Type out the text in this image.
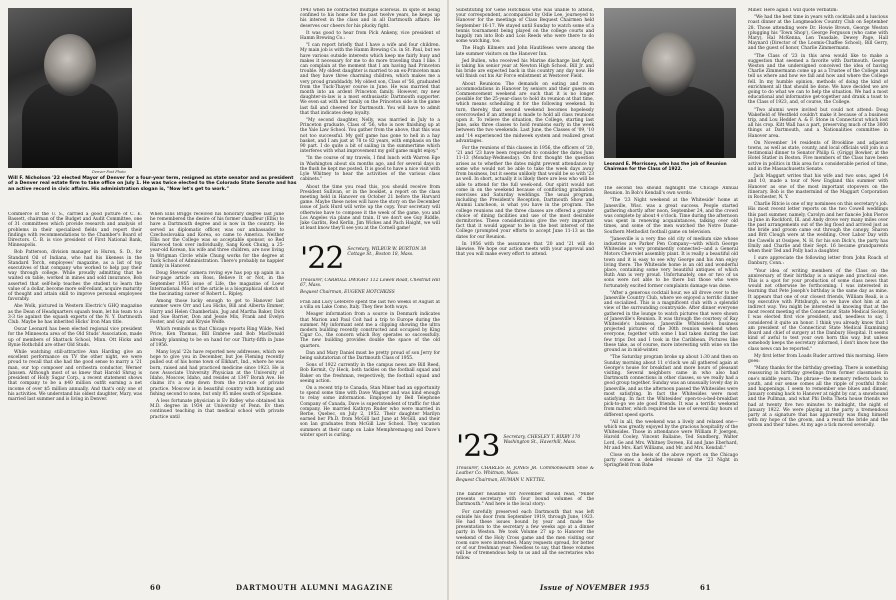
Denver Post Photo
Will F. Nicholson '22 elected Mayor of Denver for a four-year term, resigned as state senator and as president of a Denver real estate firm to take office on July 1. He was twice elected to the Colorado State Senate and has an active record in civic affairs. His administration slogan is, "Now let's get to work."

Commerce of the U. S., carried a good picture of C. E. Bassett, chairman of the Budget and Audit Committee, one of 31 committees which provide research and analysis of problems in their specialized fields and report their findings with recommendations to the Chamber's Board of Directors. C. B. is vice president of First National Bank, Minneapolis.

Bob Patterson, division manager in Huron, S. D., for Standard Oil of Indiana, who had his likeness in the Standard Torch, employees' magazine, as a list of top executives of that company who worked to help pay their way through college. While proudly admitting that he waited on table, worked in mines and sold insurance, Bob asserted that self-help teaches the student to learn the value of a dollar, become more self-reliant, acquire maturity of thought and attain skill to improve personal employees favorably.

Abe Wolk, pictured in Western Electric's GHQ magazine as the Dean of Headquarters squash team, let his team to a 3-3 tie against the squash experts of the N. Y. Dartmouth Club. Maybe he has inherited Hicks' Iron Man title.

Oscar Leonard has been elected regional vice president for the Minnesota area of the Old Studs' Association, made up of members of Shattuck School, Minn. Ott Hicks and Rynie Rothchild are other Old Studs.

While watching still-attractive Ann Harding give an excellent performance on TV the other night, we were proud to recall that she had the good sense to marry a '21 man, our top composer and orchestra conductor, Werner Janssen. Although most of us knew that Harold Shrug is president of Holly Sugar Corp., a recent statement shows that company to be a $40 million outfit earning a net income of over $5 million annually. And that's only one of his activities. We understand his oldest daughter, Mary, was married last summer and is living in Denver.

When Ellis Briggs received his honorary degree last June he remembered the desire of his former chauffeur (Ellis) to have a Dartmouth degree and is now in the country. He served as diplomatic officer, was our ambassador to Czechoslovakia and Korea, so came to America. Neither Ellis nor the College was so acceptable sponsor, so Red Harwood took over individually, Sang Kook Chung, a 25-year-old Korean, his wife and three children, are now living in Wrigman Circle while Chung works for the degree at Tuck School of Administration. There's probably no happier family in Hanover.

Doug Stevens' camera roving eye has pop up again in a four-page article on Ross, Believe It or Not, in the September 1955 issue of Life, the magazine of Loew International. Most of the article is a biographical sketch of the fascinating career of Robert L. Ripley.

Among those lucky enough to get to Hanover last summer were Orr and Lou Hicks, Bill and Alberta Emmer, Harry and Helen Chamberlain, Jug and Martha Baker, Dick and Sue Barrier, Don and Jessie Mix, Frank and Evelyn Foster, and Guy and Krysie Wolfe.

Which reminds us that Chicago reports Ring Wilde, Ned Price, Ken Thomas, Bill Embree and Bob MacDonald already planning to be on hand for our Thirty-fifth in June of 1956.

Many loyal '22s have reported new addresses, which we hope to give you in December, but Joe Fleming recently pulled out of his home town of Elkhart, Ind., where he was born, raised and had practiced medicine since 1923. He is now Associate University Physician at the University of Idaho, Moscow, Idaho, and resides at 1347 Borah Ave. He claims it's a step down from the rat-race of private practice. Moscow is in beautiful country with hunting and fishing second to none, but only 85 miles south of Spokane.

A less fortunate physician is Ev Ridley who obtained his M.D. degree in 1934 at University of Penn. Ev then continued teaching in that medical school with private practice until

1943 when he contracted multiple sclerosis. In spite of being confined to his home for the past twelve years, he keeps up his interest in the class and in all Dartmouth affairs. He deserves our cheers for his plucky fight.

It was good to hear from Pick Ankeny, vice president of Hamm Brewing Co.:

"I can report briefly that I have a wife and four children. My main job is with the Hamm Brewing Co. in St. Paul, but we have various outside interests which keep me fairly busy and makes it necessary for me to do more traveling than I like. I can complain at the moment that I am having had Princeton trouble. My oldest daughter is married to an ex-Princeton man and they have three charming children, which makes me a very proud granddaddy. My oldest son, Class of '56, graduated from the Tuck-Thayer course in June. He was married that month into an ardent Princeton family. However, my new daughter-in-law is a most enthusiastic Dartmouth supporter. We even sat with her family on the Princeton side in the game last fall and cheered for Dartmouth. You will have to admit that that indicates deep loyalty.

"My second daughter, Nelly, was married in July to a Princeton graduate, Class of '56, who is now finishing up at the Yale Law School. You gather from the above, that this was not too successful. My golf game has gone to hell in a hay basket, and I am just at 78 to 82 years, with emphasis on the 90 part. I do quite a bit of sailing in the summertime which interferes with what improvement my golf game might enjoy."

"In the course of my travels, I find lunch with Warren Ege in Washington about six months ago, and for several days in the flush he kept me posted. It is good to have a nice visit with Lyle Whitney to hear the activities of the various class cabinets."

About the time you read this, you should receive from President Sullivan, or in the booklet, a report on the class meeting held in Hanover on October 21 before the Harvard game. Maybe these notes will have the story on the December issue of Jack Hurd will write up the copy. Your secretary will otherwise have to compose it the week of the game, you and Los Angeles via plane and train. If we don't see Guy Riddle, Jake Garlits, Red Kerlin, Jim Wickes and Pach Haight, we will at least know they'll see you at the Cornell game!

'22 Secretary, WILBUR W. BURTON 38 Cottage St., Boston 18, Mass.

Treasurer, CARROLL DWIGHT 112 Lowell Road, Chestnut Hill 67, Mass.

Bequest Chairman, EUGENE HOTCHKISS

Fran and Lucy Lefebvre spent the last two weeks of August at a villa on Lake Como, Italy. They flew both ways.

Meager information from a source in Denmark indicates that Marion and Paul Coit had a trip to Europe during the summer. My informant sent me a clipping showing the ultra modern building recently constructed and occupied by King Cigar Co., the concern which Roy operates so successfully. The new building provides double the space of the old quarters.

Dan and Mary Daniel must be pretty proud of son Jerry for being salutatorian of the Dartmouth Class of 1955.

Sons of 1922 currently in the campus news are Bill Reed, Bob Kermit, Cy Heck, both tackles on the football squad and Baker on the freshman, respectively, the football squad and seeing action.

On a recent trip to Canada, Stan Miner had an opportunity to spend some time with Dave Wagner and was kind enough to relay some information. Employed by Bell Telephone Company of Canada, Dave is superintendent of traffic for that company. He married Kathryn Ruder who were married in Berbe, Quebec, on July 2, 1952. Their daughter Marilyn earned her Ph.D. from McGill last June at McGill, and their son Ian graduates from McGill Law School. They vacation summers at their camp on Lake Memphremagog and Dave's winter sport is curling.

60	DARTMOUTH ALUMNI MAGAZINE

Substituting for Gene Hotchkiss who was unable to attend, your correspondent, accompanied by Odie Lee, journeyed to Hanover for the meetings of Class Bequest Chairmen held September 16-17. We stayed until Sunday to watch some of a tennis tournament being played on the college courts and happily ran into Bob and Lois Reeds who were there to do some watching, too.

The Hugh Kilmers and John Hautifeses were among the late summer visitors on the Hanover Inn.

Jed Bullen, who received his Marine discharge last April, is taking his senior year at Newton High School. Bill Jr. and his bride are expected back in this country any day now. He will finish out his Air Force enlistment at Westover Field.

About Reunions: The demands on eating and room accommodations in Hanover by seniors and their guests on Commencement weekend are such that it is no longer possible for the 25-year-class to hold its reunion at that time, which means scheduling it for the following weekend. In turn, thereby, that second weekend becomes hopelessly overcrowded if an attempt is made to hold all class reunions upon it. To relieve the situation, the College, starting last June, asks three classes to hold reunions early in the week between the two weekends. Last June, the Classes of '09, '10 and '14 experienced the midweek system and realized great advantages.

For the reunions of this classes in 1956, the officers of '20, '21 and '23 have been requested to consider the dates June 11-13 (Monday-Wednesday). On first thought the question arises as to whether the dates might prevent attendance by some who would not be able to take the week days away from business, but it seems unlikely that would be so with '23 as well. In short, actually it is likely there are less who will be able to attend for the full week-end. Our spirit would not come in on the weekend because of conflicting graduation exercises and Saturday weddings. The usual program, including the President's Reception, Dartmouth Show and Alumni Luncheon, is what you have in the program. The college reunions and the three classes are offered a greater choice of dining facilities and use of the most desirable dormitories. These considerations give the very important fact that it would appear to be in the best interest of the College (prompted your efforts to accept June 11-13 as the dates for our Reunion.

In 1956 with the assurance that '20 and '21 will do likewise. We hope our action meets with your approval and that you will make every effort to attend.

'23 Secretary, CHESLEY T. BIXBY 170 Washington St., Haverhill, Mass.

Treasurer, CHARLES H. JONES JR. Commonwealth Shoe & Leather Co. Whitman, Mass.

Bequest Chairman, HUMAN V. NETTEL

The banner headline for November should read, "Miller presents secretary with four bound volumes of the Dartmouth." And here is the local story:

For carefully preserved each Dartmouth that was left outside his door from September 1919, through June, 1923. He had these issues bound by year and made the presentation to the secretary a few weeks ago at a dinner party in Weston. We took Volume 27 up to Hanover the weekend of the Holy Cross game and the men visiting our room sure were interested. Many requests spread, for better or of our freshman year. Needless to say, that these volumes will be of tremendous help to us and all the secretaries who follow.

Leonard E. Morrissey, who has the job of Reunion Chairman for the Class of 1922.

The second tea should highlight the Chicago Annual Reunion. In Bob's Kendall's own words:

"The '23 Night weekend at the Whiteside' home at Janesville, Wisc. was a great success. People started gathering shortly after noon, September 24, and the crowd was complete by about 4 o'clock. Time during the afternoon was spent in renewing acquaintances, talking over old times, and some of the men watched the Notre Dame-Southern Methodist football game on television.

"Janesville is a very fine old city of medium size whose industries are Parker Pen Company—with which George Whiteside is very prominently connected—and a General Motors Chevrolet assembly plant. It is really a beautiful old town and it is easy to see why George and his Ann enjoy living there. The Whiteside home is an old and wonderful place, containing some very beautiful antiques of which Ruth Ann is very proud. Unfortunately, one or two of us sons were not able to be there but those who were fortunately excited former complaints damage was done.

"After a generous cocktail hour, we all drove over to the Janesville Country Club, where we enjoyed a terrific dinner and socialized. This is a magnificent club with a splendid view of the surrounding countryside. After dinner everyone gathered in the lounge to watch pictures that were shown of Janesville's Reunion. It was through the courtesy of Ray Whiteside's business, Janesville Whiteside's business projected pictures of the 30th reunion weekend when everyone, together with some I had taken during the last few trips Dot and I took in the Caribbean. Pictures like these take, as of course, more interesting with wine on the ground as in mid-winter.

"The Saturday program broke up about 1:30 and then on Sunday morning about 11 o'clock we all gathered again at George's house for breakfast and more hours of pleasant visiting. Several neighbors came in who also had Dartmouth connections in other classes, so we really had a good group together. Sunday was an unusually lovely day in Janesville, and as the afternoon passed the Whitesides were most satisfying. In fact the Whitesides were most satisfying. In fact the Whitesides' open-to-a-bed-breakfast pick-to-go we ate good friends. It was a terrific weekend from matter, which required the use of several day hours of different speed sports.

"All in all, the weekend was a lively and relaxed one—which was greatly enjoyed by the gracious hospitality of the Whitesides. Those in attendance were William P. Joergen, Harold Cooley, Vincent Ballaine, Ted Sundberg, Walter Lord, Ge and Mrs. Whitney Doreen, Ed and Jane Eberhard, Mr and Mrs. Karl Williams, and Mr. and Mrs. Kendall."

Close on the heels of the above report on the Chicago party comes a detailed résumé of the '23 Night in Springfield from Babe

Miner. Here again I will quote verbatim:

"We had the best time in years with cocktails and a luscious roast dinner at the Longmeadow Country Club on September 28. Those attending were Dr. Howie Brown, George Weston (plugging his 'Town Shop'), George Ferguson (who came with Mary), Hal McKenna, Len Teasdale, Dewey Page, Hall Maynard (Director of the Loomis-Chaffee School), Bill Gerry, and the guest of honor, Charlie Zimmermann.

"The Class of '23 in this area would like to make a suggestion that seemed a favorite with Dartmouth. George Weston and the undersigned conceived the idea of having Charlie Zimmermann come up as a Trustee of the College and tell us where and how we fall and how and where the College fell. In my humble opinion, methods of doing the kind of enrichment all that should be done. We have decided we are going to do what we can to help the situation. We had a most educational and informative get-together and drank a toast to the Class of 1923, and, of course, the College.

"Two alumni were invited but could not attend: Doug Wakefield of Westfield couldn't make it because of a business trip, and Lou Hedder A. & F. Stone in Connecticut which lost all his crop. Kitt Wall has a part, preserving much of the 3000 things at Dartmouth, and a Nationalities committee in Hanover area.

On November 14 residents of Brookline and adjacent towns, as well as state, county, and local officials will join in a testimonial dinner to Senator Philip G. (Grigg) Bowker, at the Hotel Statler in Boston. Five members of the Class have been active in politics in this area for a considerable period of time, and in the Massachusetts Senate.

Jack Maggart writes that his wife and two sons, aged 14 and 10, made a tour of New England this summer with Hanover as one of the most important stopovers on the itinerary. Bob is the mastermind of the Maggart Corporation in Rochester, N. Y.

Charlie Ritcie is one of my nominees on this secretary's job. His most recent letter reports on the two Cowell weddings this past summer, namely, Carolyn and her fiancée John Pierce in June in Rockford, Ill. and Andy drove very many miles over the past arrangements out of the big flood and arrived just as the bride and groom came out through the canopy. Sharon and Brit Clough were at the wedding. Over Labor Day with the Cawells at Ossipee, N. H. for his son Dick's, the party has Emily and Charlie and their Sept. 16 became grandparents when their Ted and Polly had a daughter.

I sure appreciate the following letter from John Roach of Danbury, Conn.:

"Your idea of writing members of the Class on the anniversary of their birthday is a unique and practical one. This is a spot for your production of some class news that would not otherwise be forthcoming. I was interested in learning that Pete Joseph's birthday is the same day as mine. It appears that one of our closest friends, William Reali, is a top executive with Pittsburgh, so we have shot him at an indirect way. You might be interested in knowing that at the most recent meeting of the Connecticut State Medical Society, I was elected first vice president, and, needless to say, I considered it quite an honor. I think you already know that I am president of the Connecticut State Medical Examining Board and chief of surgery at the Danbury Hospital. It seems kind of awful to test your own horn this way, but unless somebody keeps the secretary informed, I don't know how the class news can be reported."

My first letter from Loads Ruder arrived this morning. Here goes:

"Many thanks for the birthday greeting. There is something reassuring in birthday greetings from former classmates in one's middle years. The phrase—the memory reflects back to youth, and our sense comes all the ripple of youthful frolic and happenings. I seem to remember one blues and dinner, January coming back to Hanover at night by car, a snowbound and the Pullman, and what Phi Delta Theta house friends we had at twenty five two minutes to midnight, the night of January 1922. We were playing at the party a tremendous party at a signature that has apparently was flung himself with my hope of the groom, and a result the bride and the groom and their tubes. At my age a tick moved severally.

Issue of NOVEMBER 1955	61
